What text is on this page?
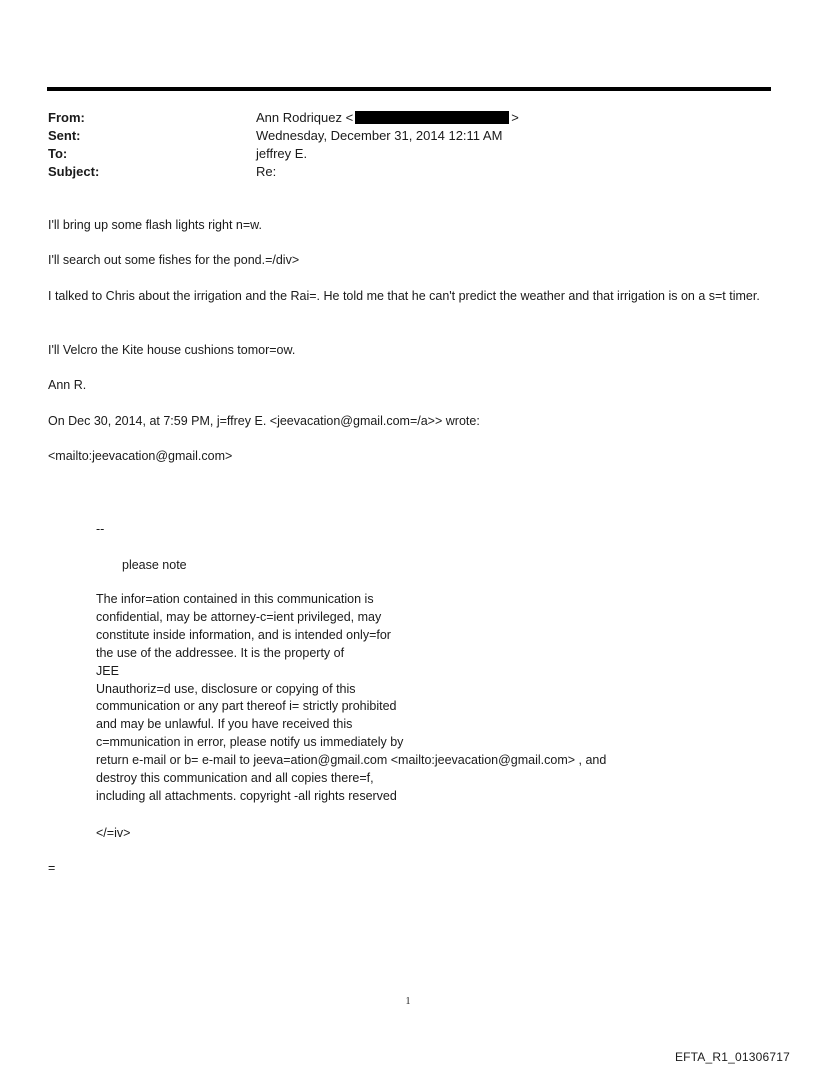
From:	Ann Rodriquez <	>
Sent:	Wednesday, December 31, 2014 12:11 AM
To:	jeffrey E.
Subject:	Re:

I'll bring up some flash lights right n=w.

I'll search out some fishes for the pond.=/div>

I talked to Chris about the irrigation and the Rai=. He told me that he can't predict the weather and that irrigation is on a s=t timer.

I'll Velcro the Kite house cushions tomor=ow.

Ann R.

On Dec 30, 2014, at 7:59 PM, j=ffrey E. <jeevacation@gmail.com=/a>> wrote:

<mailto:jeevacation@gmail.com>

--

please note

The infor=ation contained in this communication is
confidential, may be attorney-c=ient privileged, may
constitute inside information, and is intended only=for
the use of the addressee. It is the property of
JEE
Unauthoriz=d use, disclosure or copying of this
communication or any part thereof i= strictly prohibited
and may be unlawful. If you have received this
c=mmunication in error, please notify us immediately by
return e-mail or b= e-mail to jeeva=ation@gmail.com <mailto:jeevacation@gmail.com> , and
destroy this communication and all copies there=f,
including all attachments. copyright -all rights reserved

</=iv>

=

1
EFTA_R1_01306717
